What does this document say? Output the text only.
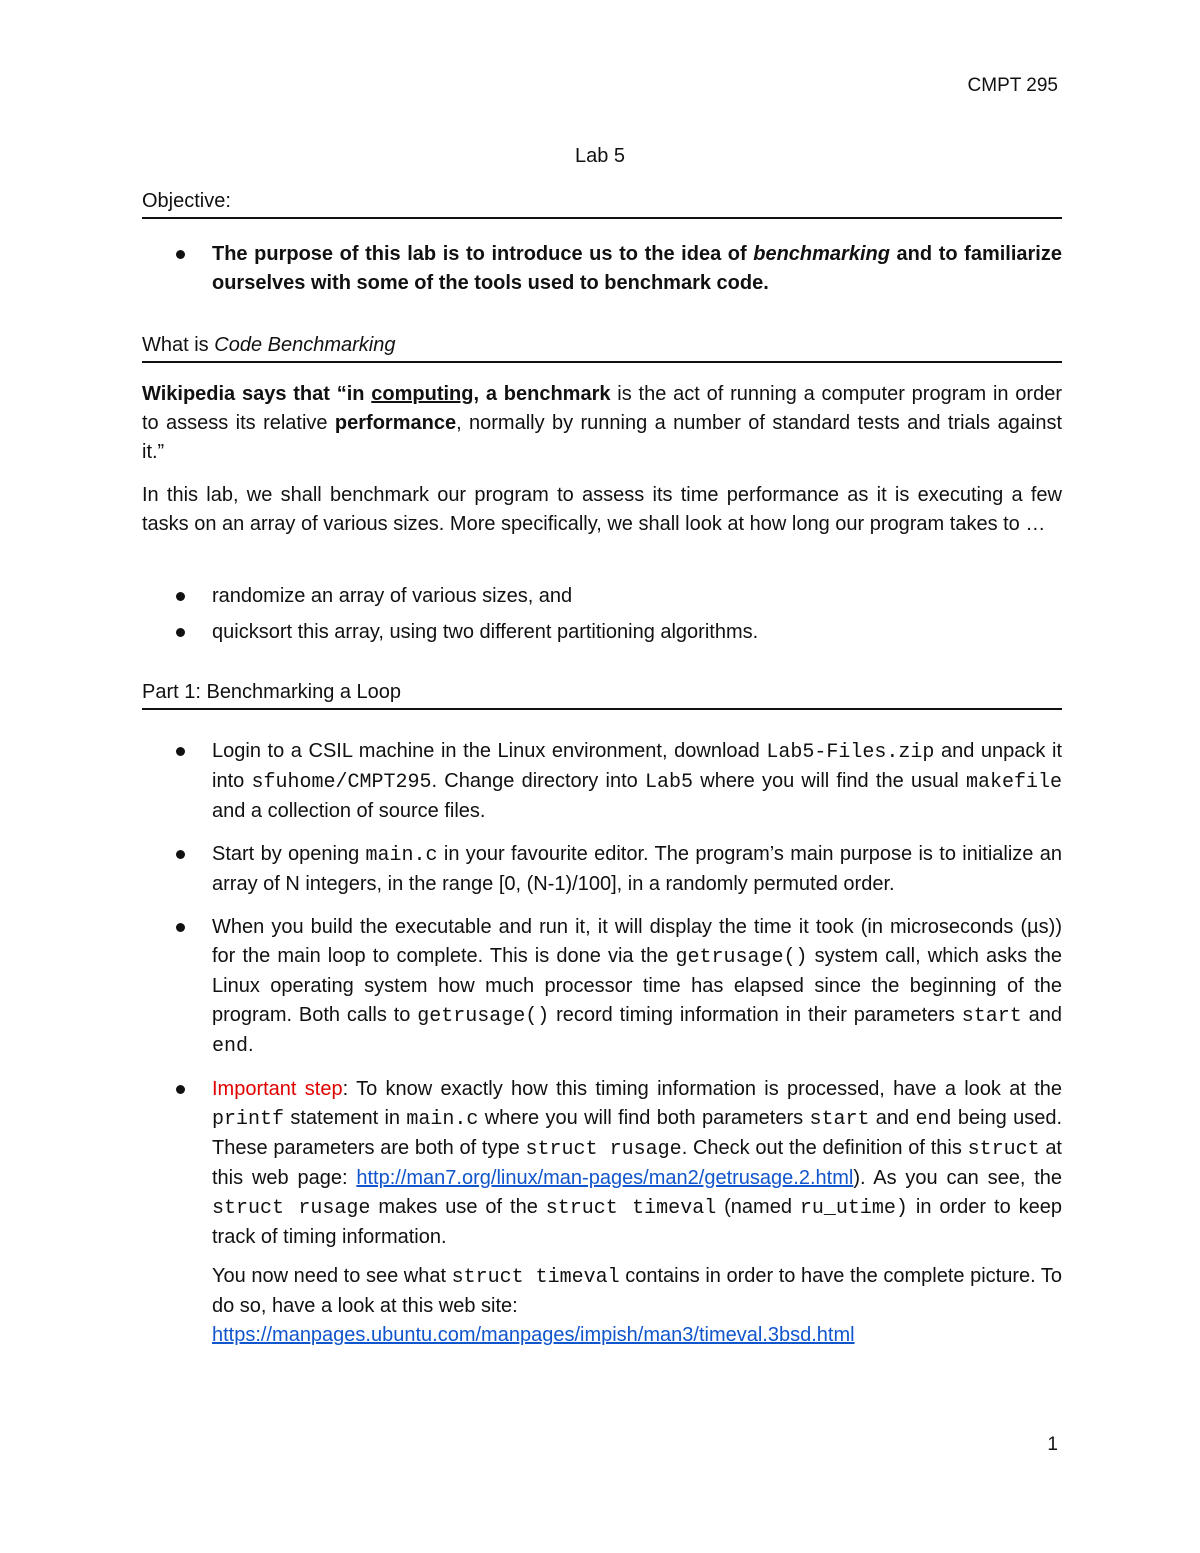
CMPT 295
Lab 5
Objective:
The purpose of this lab is to introduce us to the idea of benchmarking and to familiarize ourselves with some of the tools used to benchmark code.
What is Code Benchmarking
Wikipedia says that “in computing, a benchmark is the act of running a computer program in order to assess its relative performance, normally by running a number of standard tests and trials against it.”
In this lab, we shall benchmark our program to assess its time performance as it is executing a few tasks on an array of various sizes. More specifically, we shall look at how long our program takes to …
randomize an array of various sizes, and
quicksort this array, using two different partitioning algorithms.
Part 1: Benchmarking a Loop
Login to a CSIL machine in the Linux environment, download Lab5-Files.zip and unpack it into sfuhome/CMPT295. Change directory into Lab5 where you will find the usual makefile and a collection of source files.
Start by opening main.c in your favourite editor. The program’s main purpose is to initialize an array of N integers, in the range [0, (N-1)/100], in a randomly permuted order.
When you build the executable and run it, it will display the time it took (in microseconds (µs)) for the main loop to complete. This is done via the getrusage() system call, which asks the Linux operating system how much processor time has elapsed since the beginning of the program. Both calls to getrusage() record timing information in their parameters start and end.
Important step: To know exactly how this timing information is processed, have a look at the printf statement in main.c where you will find both parameters start and end being used. These parameters are both of type struct rusage. Check out the definition of this struct at this web page: http://man7.org/linux/man-pages/man2/getrusage.2.html). As you can see, the struct rusage makes use of the struct timeval (named ru_utime) in order to keep track of timing information.
You now need to see what struct timeval contains in order to have the complete picture. To do so, have a look at this web site:
https://manpages.ubuntu.com/manpages/impish/man3/timeval.3bsd.html
1
